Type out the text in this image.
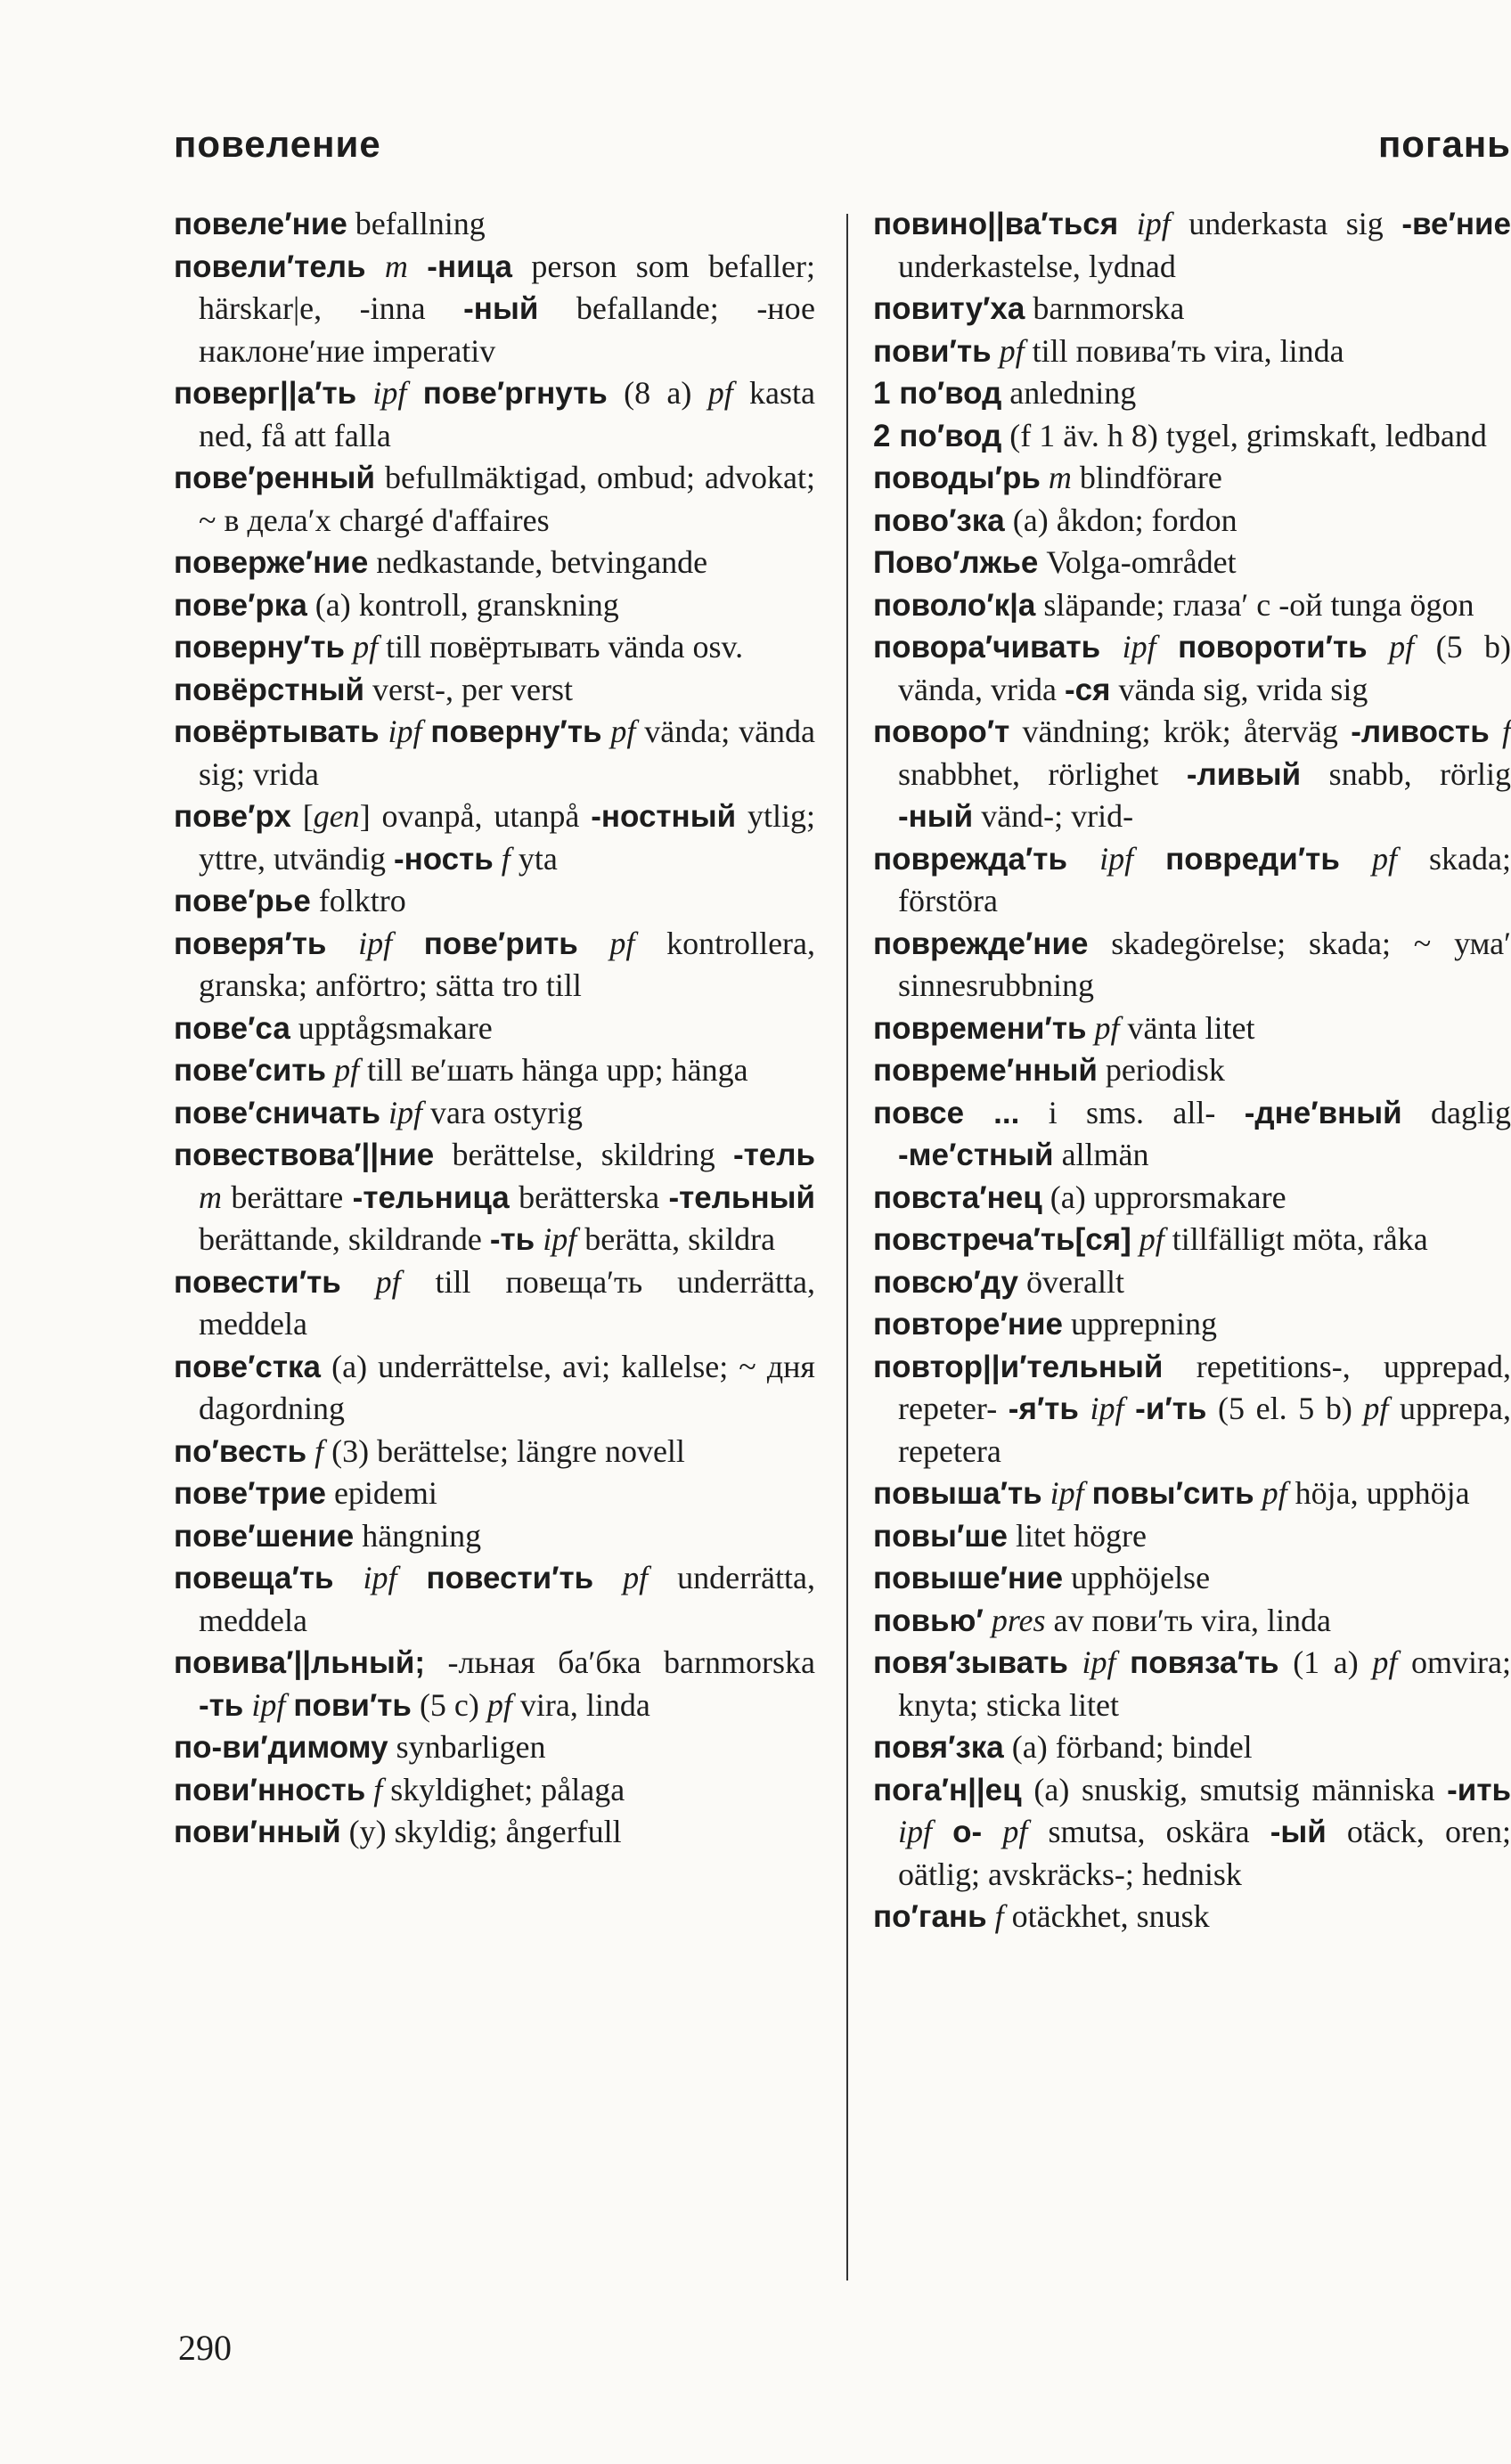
повеление	погань

повеле′ние befallning

повели′тель m -ница person som befaller; härskar|e, -inna -ный befallande; -ное наклоне′ние imperativ

поверг||а′ть ipf пове′ргнуть (8 a) pf kasta ned, få att falla

пове′ренный befullmäktigad, ombud; advokat; ~ в дела′х chargé d'affaires

поверже′ние nedkastande, betvingande

пове′рка (a) kontroll, granskning

поверну′ть pf till повёртывать vända osv.

повёрстный verst-, per verst

повёртывать ipf поверну′ть pf vända; vända sig; vrida

пове′рх [gen] ovanpå, utanpå -ностный ytlig; yttre, utvändig -ность f yta

пове′рье folktro

поверя′ть ipf пове′рить pf kontrollera, granska; anförtro; sätta tro till

пове′са upptågsmakare

пове′сить pf till ве′шать hänga upp; hänga

пове′сничать ipf vara ostyrig

повествова′||ние berättelse, skildring -тель m berättare -тельница berätterska -тельный berättande, skildrande -ть ipf berätta, skildra

повести′ть pf till повеща′ть underrätta, meddela

пове′стка (a) underrättelse, avi; kallelse; ~ дня dagordning

по′весть f (3) berättelse; längre novell

пове′трие epidemi

пове′шение hängning

повеща′ть ipf повести′ть pf underrätta, meddela

повива′||льный; -льная ба′бка barnmorska -ть ipf пови′ть (5 c) pf vira, linda

по-ви′димому synbarligen

пови′нность f skyldighet; pålaga

пови′нный (y) skyldig; ångerfull

повино||ва′ться ipf underkasta sig -ве′ние underkastelse, lydnad

повиту′ха barnmorska

пови′ть pf till повива′ть vira, linda

1 по′вод anledning

2 по′вод (f 1 äv. h 8) tygel, grimskaft, ledband

поводы′рь m blindförare

пово′зка (a) åkdon; fordon

Пово′лжье Volga-området

поволо′к|а släpande; глаза′ с -ой tunga ögon

повора′чивать ipf повороти′ть pf (5 b) vända, vrida -ся vända sig, vrida sig

поворо′т vändning; krök; återväg -ливость f snabbhet, rörlighet -ливый snabb, rörlig -ный vänd-; vrid-

поврежда′ть ipf повреди′ть pf skada; förstöra

поврежде′ние skadegörelse; skada; ~ ума′ sinnesrubbning

повремени′ть pf vänta litet

повреме′нный periodisk

повсе ... i sms. all- -дне′вный daglig -ме′стный allmän

повста′нец (a) upprorsmakare

повстреча′ть[ся] pf tillfälligt möta, råka

повсю′ду överallt

повторе′ние upprepning

повтор||и′тельный repetitions-, upprepad, repeter- -я′ть ipf -и′ть (5 el. 5 b) pf upprepa, repetera

повыша′ть ipf повы′сить pf höja, upphöja

повы′ше litet högre

повыше′ние upphöjelse

повью′ pres av пови′ть vira, linda

повя′зывать ipf повяза′ть (1 a) pf omvira; knyta; sticka litet

повя′зка (a) förband; bindel

пога′н||ец (a) snuskig, smutsig människa -ить ipf о- pf smutsa, oskära -ый otäck, oren; oätlig; avskräcks-; hednisk

по′гань f otäckhet, snusk

290
